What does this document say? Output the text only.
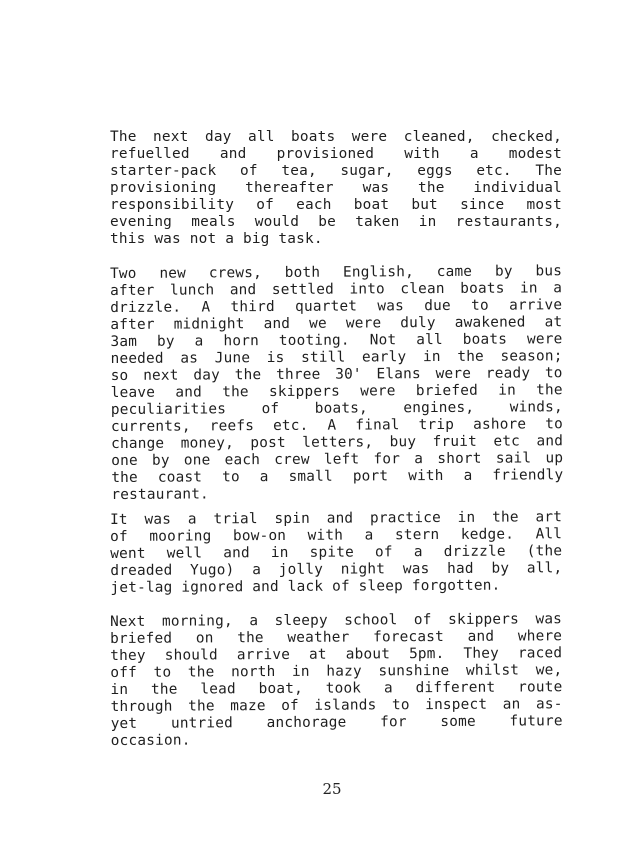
The next day all boats were cleaned, checked,
refuelled and provisioned with a modest
starter-pack of tea, sugar, eggs etc. The
provisioning thereafter was the individual
responsibility of each boat but since most
evening meals would be taken in restaurants,
this was not a big task.
Two new crews, both English, came by bus
after lunch and settled into clean boats in a
drizzle. A third quartet was due to arrive
after midnight and we were duly awakened at
3am by a horn tooting. Not all boats were
needed as June is still early in the season;
so next day the three 30' Elans were ready to
leave and the skippers were briefed in the
peculiarities of boats, engines, winds,
currents, reefs etc. A final trip ashore to
change money, post letters, buy fruit etc and
one by one each crew left for a short sail up
the coast to a small port with a friendly
restaurant.
It was a trial spin and practice in the art
of mooring bow-on with a stern kedge. All
went well and in spite of a drizzle (the
dreaded Yugo) a jolly night was had by all,
jet-lag ignored and lack of sleep forgotten.
Next morning, a sleepy school of skippers was
briefed on the weather forecast and where
they should arrive at about 5pm. They raced
off to the north in hazy sunshine whilst we,
in the lead boat, took a different route
through the maze of islands to inspect an as-
yet untried anchorage for some future
occasion.
25
